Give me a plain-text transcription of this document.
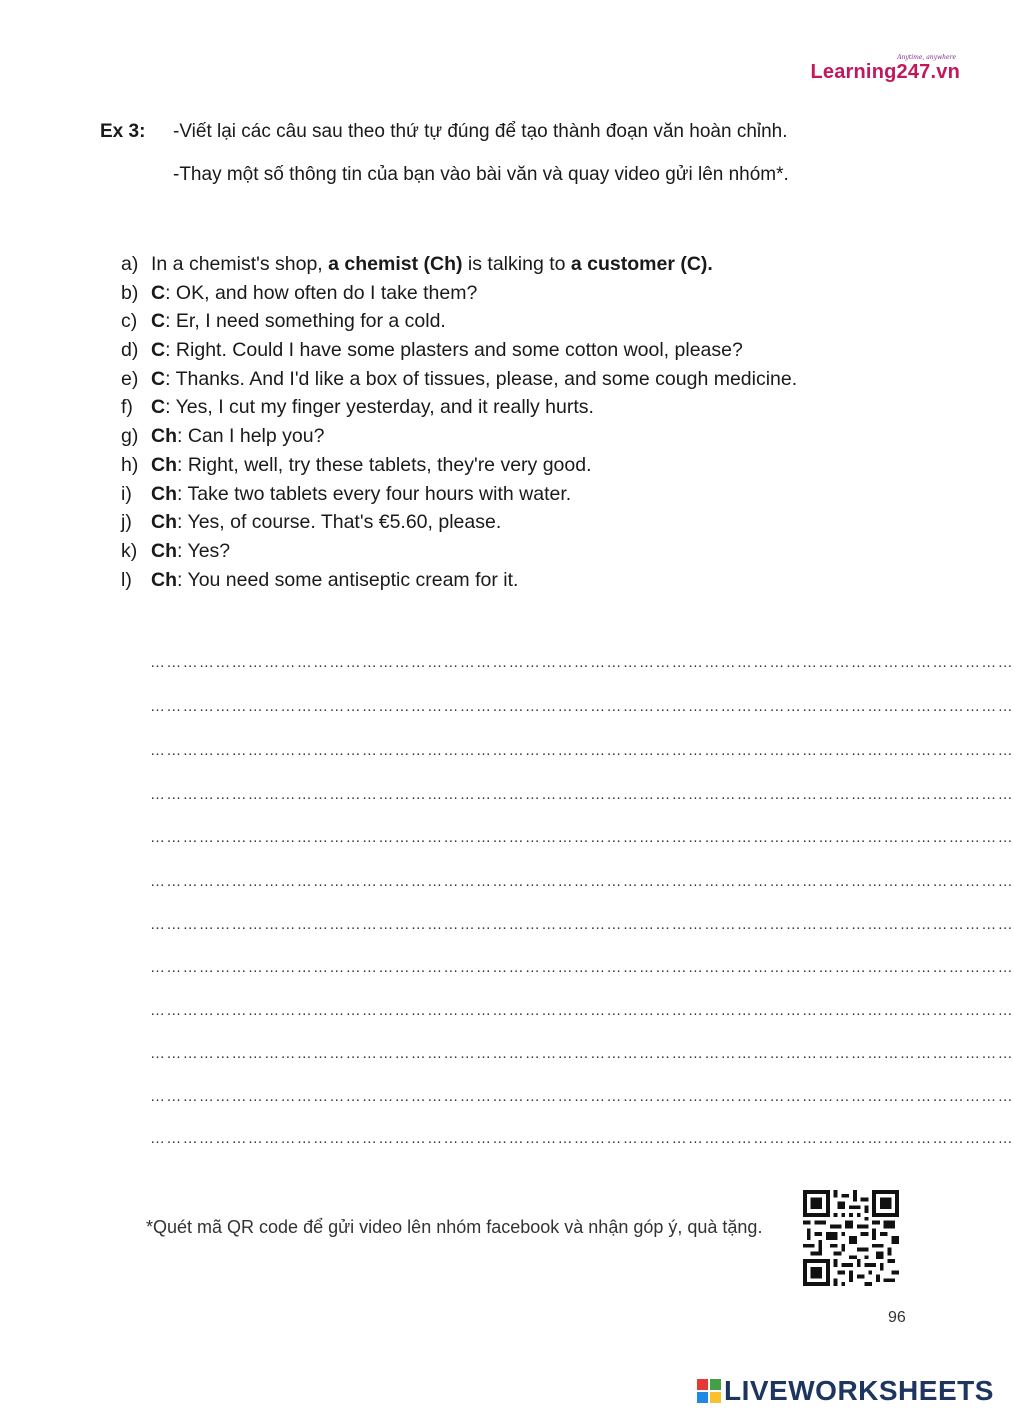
Anytime, anywhere
Learning247.vn
Ex 3: -Viết lại các câu sau theo thứ tự đúng để tạo thành đoạn văn hoàn chỉnh.
-Thay một số thông tin của bạn vào bài văn và quay video gửi lên nhóm*.
a) In a chemist's shop, a chemist (Ch) is talking to a customer (C).
b) C: OK, and how often do I take them?
c) C: Er, I need something for a cold.
d) C: Right. Could I have some plasters and some cotton wool, please?
e) C: Thanks. And I'd like a box of tissues, please, and some cough medicine.
f) C: Yes, I cut my finger yesterday, and it really hurts.
g) Ch: Can I help you?
h) Ch: Right, well, try these tablets, they're very good.
i) Ch: Take two tablets every four hours with water.
j) Ch: Yes, of course. That's €5.60, please.
k) Ch: Yes?
l) Ch: You need some antiseptic cream for it.
……………………………………………………………………………………………………………………………………………
……………………………………………………………………………………………………………………………………………
……………………………………………………………………………………………………………………………………………
……………………………………………………………………………………………………………………………………………
……………………………………………………………………………………………………………………………………………
……………………………………………………………………………………………………………………………………………
……………………………………………………………………………………………………………………………………………
……………………………………………………………………………………………………………………………………………
……………………………………………………………………………………………………………………………………………
……………………………………………………………………………………………………………………………………………
……………………………………………………………………………………………………………………………………………
……………………………………………………………………………………………………………………………………………
*Quét mã QR code để gửi video lên nhóm facebook và nhận góp ý, quà tặng.
96
LIVEWORKSHEETS
